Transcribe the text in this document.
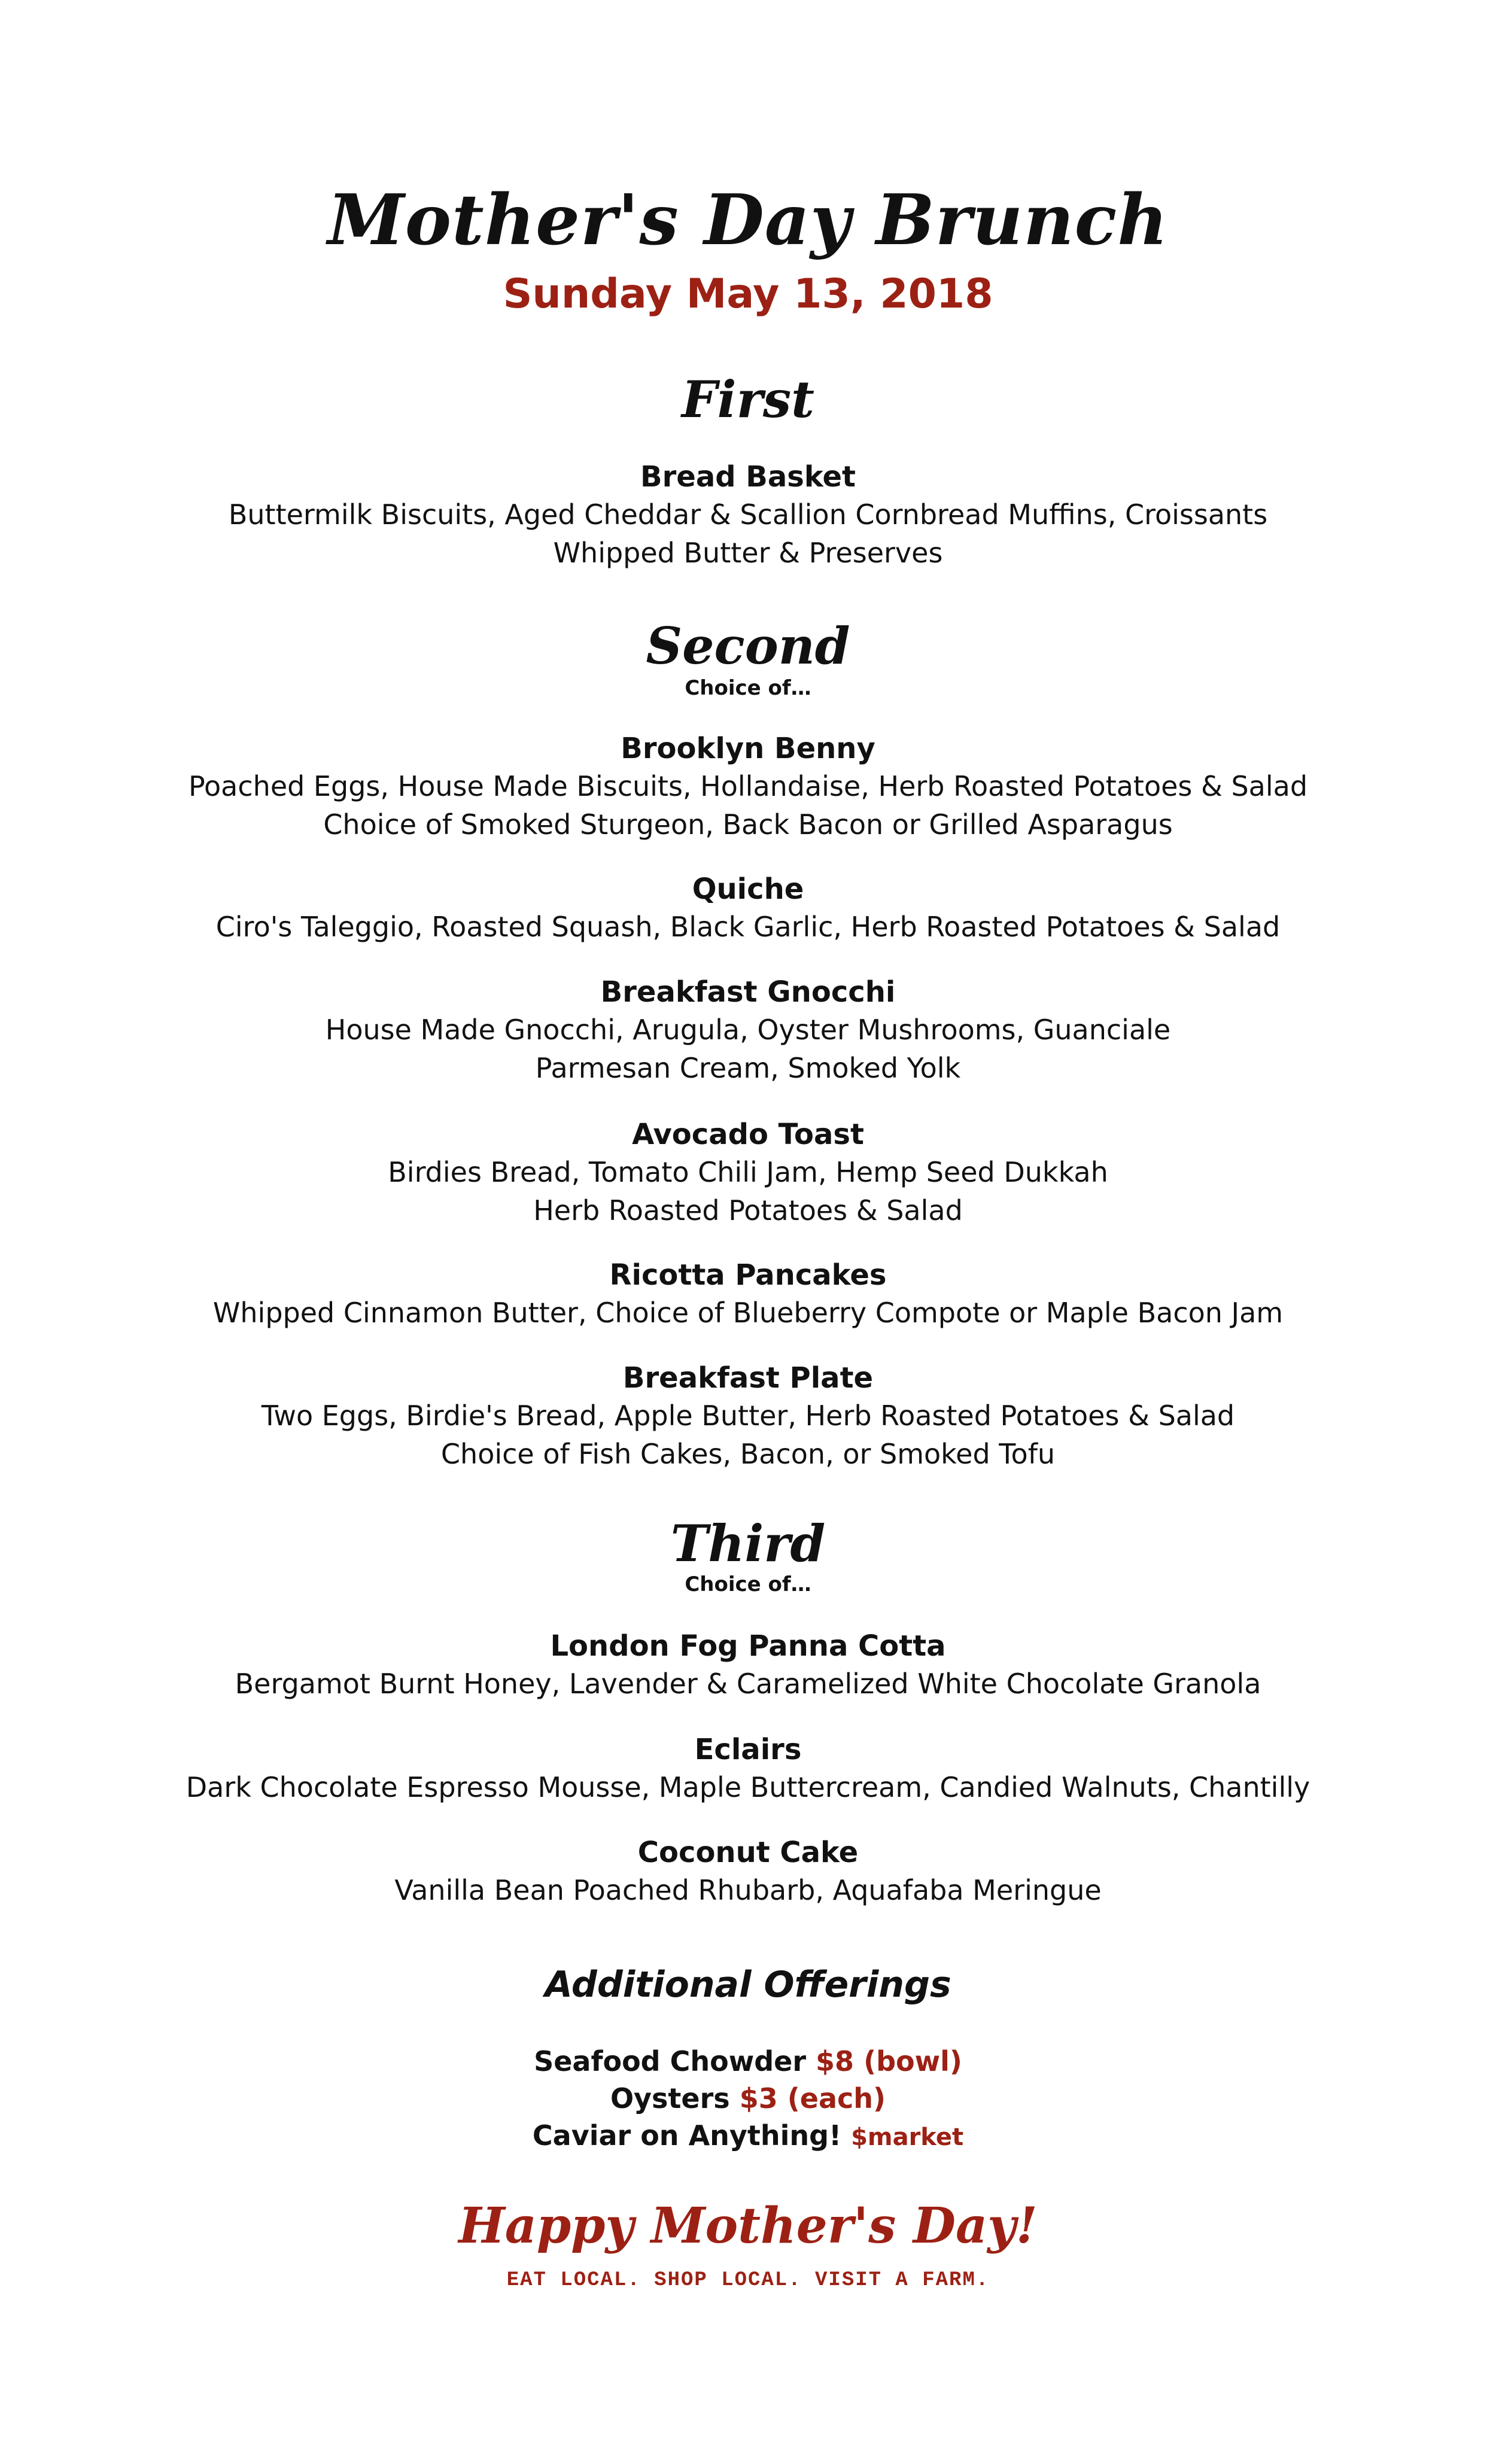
Mother's Day Brunch
Sunday May 13, 2018
First
Bread Basket
Buttermilk Biscuits, Aged Cheddar & Scallion Cornbread Muffins, Croissants
Whipped Butter & Preserves
Second
Choice of…
Brooklyn Benny
Poached Eggs, House Made Biscuits, Hollandaise, Herb Roasted Potatoes & Salad
Choice of Smoked Sturgeon, Back Bacon or Grilled Asparagus
Quiche
Ciro's Taleggio, Roasted Squash, Black Garlic, Herb Roasted Potatoes & Salad
Breakfast Gnocchi
House Made Gnocchi, Arugula, Oyster Mushrooms, Guanciale
Parmesan Cream, Smoked Yolk
Avocado Toast
Birdies Bread, Tomato Chili Jam, Hemp Seed Dukkah
Herb Roasted Potatoes & Salad
Ricotta Pancakes
Whipped Cinnamon Butter, Choice of Blueberry Compote or Maple Bacon Jam
Breakfast Plate
Two Eggs, Birdie's Bread, Apple Butter, Herb Roasted Potatoes & Salad
Choice of Fish Cakes, Bacon, or Smoked Tofu
Third
Choice of…
London Fog Panna Cotta
Bergamot Burnt Honey, Lavender & Caramelized White Chocolate Granola
Eclairs
Dark Chocolate Espresso Mousse, Maple Buttercream, Candied Walnuts, Chantilly
Coconut Cake
Vanilla Bean Poached Rhubarb, Aquafaba Meringue
Additional Offerings
Seafood Chowder $8 (bowl)
Oysters $3 (each)
Caviar on Anything! $market
Happy Mother's Day!
EAT LOCAL. SHOP LOCAL. VISIT A FARM.
